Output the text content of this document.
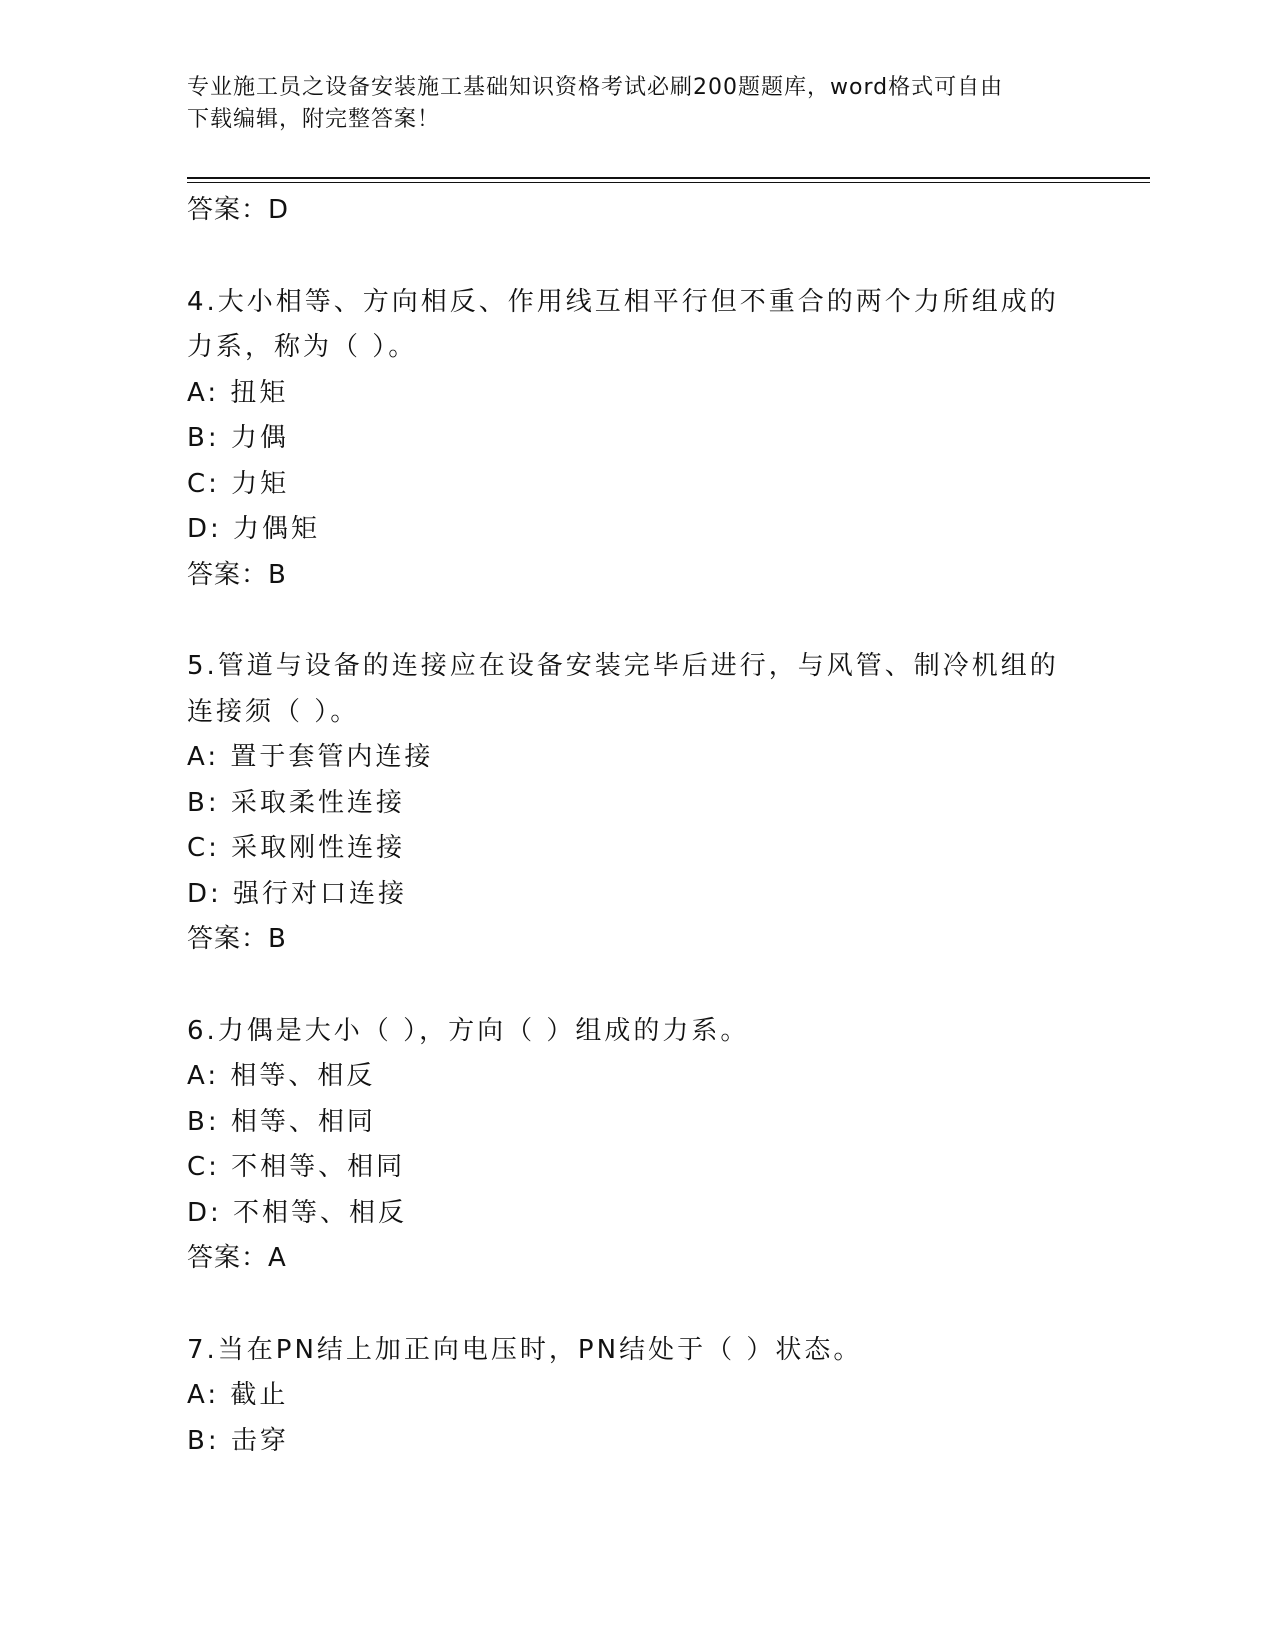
专业施工员之设备安装施工基础知识资格考试必刷200题题库，word格式可自由
下载编辑，附完整答案！
答案：D
4.大小相等、方向相反、作用线互相平行但不重合的两个力所组成的
力系，称为（ ）。
A: 扭矩
B: 力偶
C: 力矩
D: 力偶矩
答案：B
5.管道与设备的连接应在设备安装完毕后进行，与风管、制冷机组的
连接须（ ）。
A: 置于套管内连接
B: 采取柔性连接
C: 采取刚性连接
D: 强行对口连接
答案：B
6.力偶是大小（ ），方向（ ）组成的力系。
A: 相等、相反
B: 相等、相同
C: 不相等、相同
D: 不相等、相反
答案：A
7.当在PN结上加正向电压时，PN结处于（ ）状态。
A: 截止
B: 击穿
